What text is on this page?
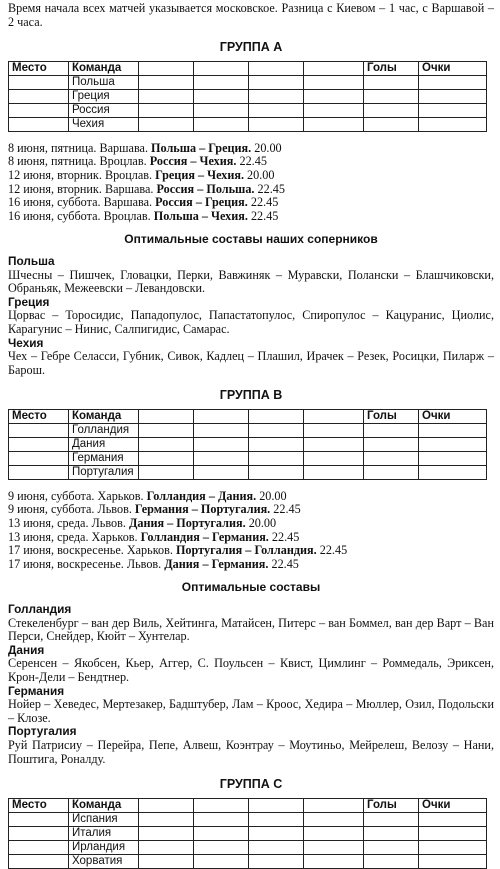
Время начала всех матчей указывается московское. Разница с Киевом – 1 час, с Варшавой – 2 часа.

ГРУППА А

Место	Команда					Голы	Очки
	Польша						
	Греция						
	Россия						
	Чехия						

8 июня, пятница. Варшава. Польша – Греция. 20.00

8 июня, пятница. Вроцлав. Россия – Чехия. 22.45

12 июня, вторник. Вроцлав. Греция – Чехия. 20.00

12 июня, вторник. Варшава. Россия – Польша. 22.45

16 июня, суббота. Варшава. Россия – Греция. 22.45

16 июня, суббота. Вроцлав. Польша – Чехия. 22.45

Оптимальные составы наших соперников

Польша

Шчесны – Пишчек, Гловацки, Перки, Вавжиняк – Муравски, Полански – Блашчиковски, Обраньяк, Межеевски – Левандовски.

Греция

Цорвас – Торосидис, Пападопулос, Папастатопулос, Спиропулос – Кацуранис, Циолис, Карагунис – Нинис, Салпигидис, Самарас.

Чехия

Чех – Гебре Селасси, Губник, Сивок, Кадлец – Плашил, Ирачек – Резек, Росицки, Пиларж – Барош.

ГРУППА В

Место	Команда					Голы	Очки
	Голландия						
	Дания						
	Германия						
	Португалия						

9 июня, суббота. Харьков. Голландия – Дания. 20.00

9 июня, суббота. Львов. Германия – Португалия. 22.45

13 июня, среда. Львов. Дания – Португалия. 20.00

13 июня, среда. Харьков. Голландия – Германия. 22.45

17 июня, воскресенье. Харьков. Португалия – Голландия. 22.45

17 июня, воскресенье. Львов. Дания – Германия. 22.45

Оптимальные составы

Голландия

Стекеленбург – ван дер Виль, Хейтинга, Матайсен, Питерс – ван Боммел, ван дер Варт – Ван Перси, Снейдер, Кюйт – Хунтелар.

Дания

Серенсен – Якобсен, Кьер, Аггер, С. Поульсен – Квист, Цимлинг – Роммедаль, Эриксен, Крон-Дели – Бендтнер.

Германия

Нойер – Хеведес, Мертезакер, Бадштубер, Лам – Кроос, Хедира – Мюллер, Озил, Подольски – Клозе.

Португалия

Руй Патрисиу – Перейра, Пепе, Алвеш, Коэнтрау – Моутиньо, Мейрелеш, Велозу – Нани, Поштига, Роналду.

ГРУППА С

Место	Команда					Голы	Очки
	Испания						
	Италия						
	Ирландия						
	Хорватия						
